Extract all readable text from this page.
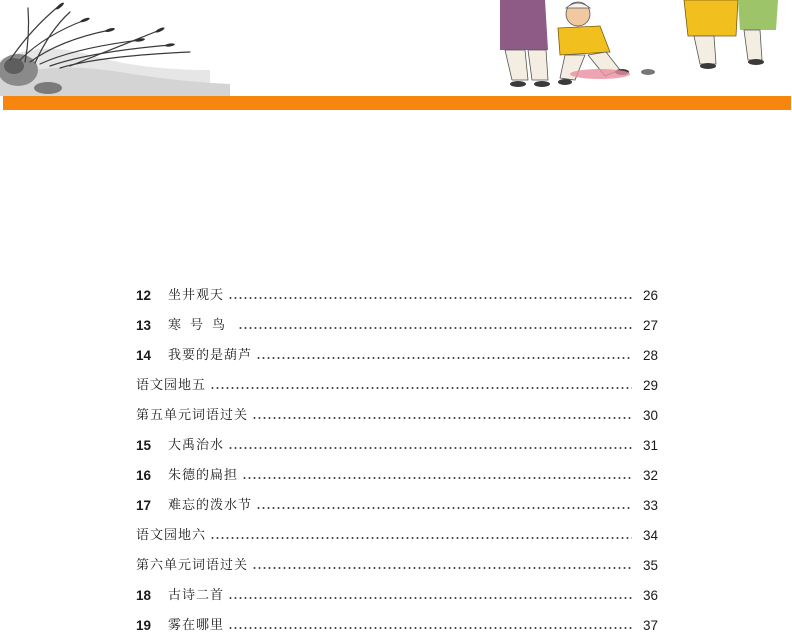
12	坐井观天	26
13	寒号鸟	27
14	我要的是葫芦	28
语文园地五	29
第五单元词语过关	30
15	大禹治水	31
16	朱德的扁担	32
17	难忘的泼水节	33
语文园地六	34
第六单元词语过关	35
18	古诗二首	36
19	雾在哪里	37
